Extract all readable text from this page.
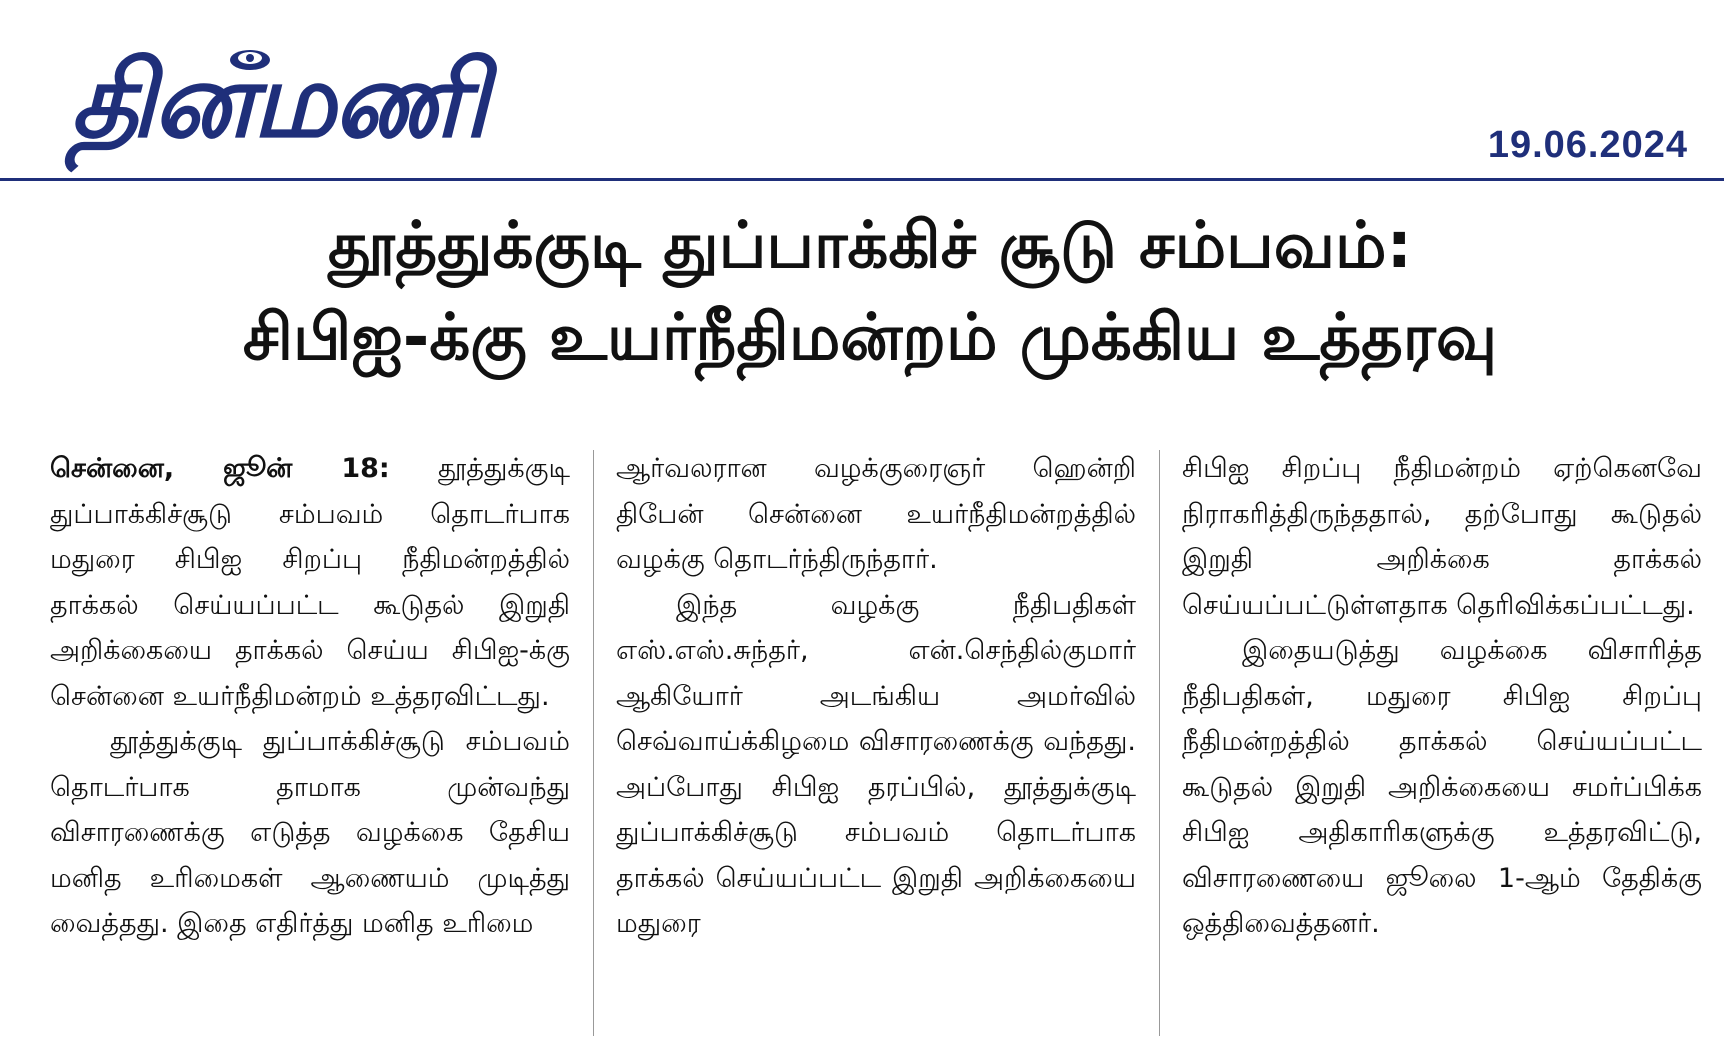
தினமணி	19.06.2024
தூத்துக்குடி துப்பாக்கிச் சூடு சம்பவம்:
சிபிஐ-க்கு உயர்நீதிமன்றம் முக்கிய உத்தரவு

சென்னை, ஜூன் 18: தூத்துக்குடி துப்பாக்கிச்சூடு சம்பவம் தொடர்பாக மதுரை சிபிஐ சிறப்பு நீதிமன்றத்தில் தாக்கல் செய்யப்பட்ட கூடுதல் இறுதி அறிக்கையை தாக்கல் செய்ய சிபிஐ-க்கு சென்னை உயர்நீதிமன்றம் உத்தரவிட்டது.

தூத்துக்குடி துப்பாக்கிச்சூடு சம்பவம் தொடர்பாக தாமாக முன்வந்து விசாரணைக்கு எடுத்த வழக்கை தேசிய மனித உரிமைகள் ஆணையம் முடித்து வைத்தது. இதை எதிர்த்து மனித உரிமை

ஆர்வலரான வழக்குரைஞர் ஹென்றி திபேன் சென்னை உயர்நீதிமன்றத்தில் வழக்கு தொடர்ந்திருந்தார்.

இந்த வழக்கு நீதிபதிகள் எஸ்.எஸ்.சுந்தர், என்.செந்தில்குமார் ஆகியோர் அடங்கிய அமர்வில் செவ்வாய்க்கிழமை விசாரணைக்கு வந்தது. அப்போது சிபிஐ தரப்பில், தூத்துக்குடி துப்பாக்கிச்சூடு சம்பவம் தொடர்பாக தாக்கல் செய்யப்பட்ட இறுதி அறிக்கையை மதுரை

சிபிஐ சிறப்பு நீதிமன்றம் ஏற்கெனவே நிராகரித்திருந்ததால், தற்போது கூடுதல் இறுதி அறிக்கை தாக்கல் செய்யப்பட்டுள்ளதாக தெரிவிக்கப்பட்டது.

இதையடுத்து வழக்கை விசாரித்த நீதிபதிகள், மதுரை சிபிஐ சிறப்பு நீதிமன்றத்தில் தாக்கல் செய்யப்பட்ட கூடுதல் இறுதி அறிக்கையை சமர்ப்பிக்க சிபிஐ அதிகாரிகளுக்கு உத்தரவிட்டு, விசாரணையை ஜூலை 1-ஆம் தேதிக்கு ஒத்திவைத்தனர்.
